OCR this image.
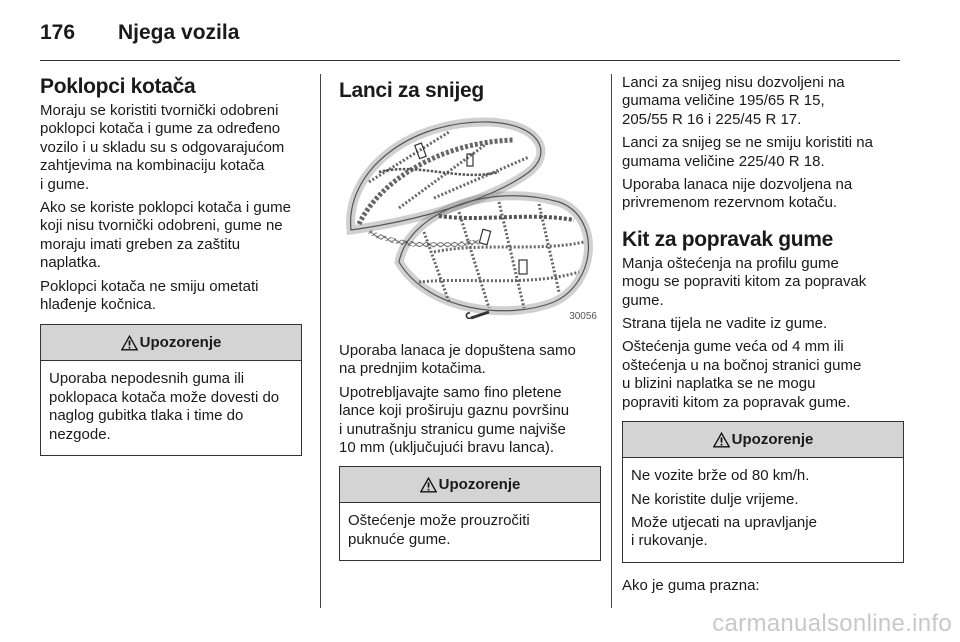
176	Njega vozila
Poklopci kotača

Moraju se koristiti tvornički odobreni
poklopci kotača i gume za određeno
vozilo i u skladu su s odgovarajućom
zahtjevima na kombinaciju kotača
i gume.

Ako se koriste poklopci kotača i gume
koji nisu tvornički odobreni, gume ne
moraju imati greben za zaštitu
naplatka.

Poklopci kotača ne smiju ometati
hlađenje kočnica.

Upozorenje

Uporaba nepodesnih guma ili
poklopaca kotača može dovesti do
naglog gubitka tlaka i time do
nezgode.

Lanci za snijeg
30056

Uporaba lanaca je dopuštena samo
na prednjim kotačima.

Upotrebljavajte samo fino pletene
lance koji proširuju gaznu površinu
i unutrašnju stranicu gume najviše
10 mm (uključujući bravu lanca).

Upozorenje

Oštećenje može prouzročiti
puknuće gume.

Lanci za snijeg nisu dozvoljeni na
gumama veličine 195/65 R 15,
205/55 R 16 i 225/45 R 17.

Lanci za snijeg se ne smiju koristiti na
gumama veličine 225/40 R 18.

Uporaba lanaca nije dozvoljena na
privremenom rezervnom kotaču.

Kit za popravak gume

Manja oštećenja na profilu gume
mogu se popraviti kitom za popravak
gume.

Strana tijela ne vadite iz gume.

Oštećenja gume veća od 4 mm ili
oštećenja u na bočnoj stranici gume
u blizini naplatka se ne mogu
popraviti kitom za popravak gume.

Upozorenje

Ne vozite brže od 80 km/h.

Ne koristite dulje vrijeme.

Može utjecati na upravljanje
i rukovanje.

Ako je guma prazna:

carmanualsonline.info
